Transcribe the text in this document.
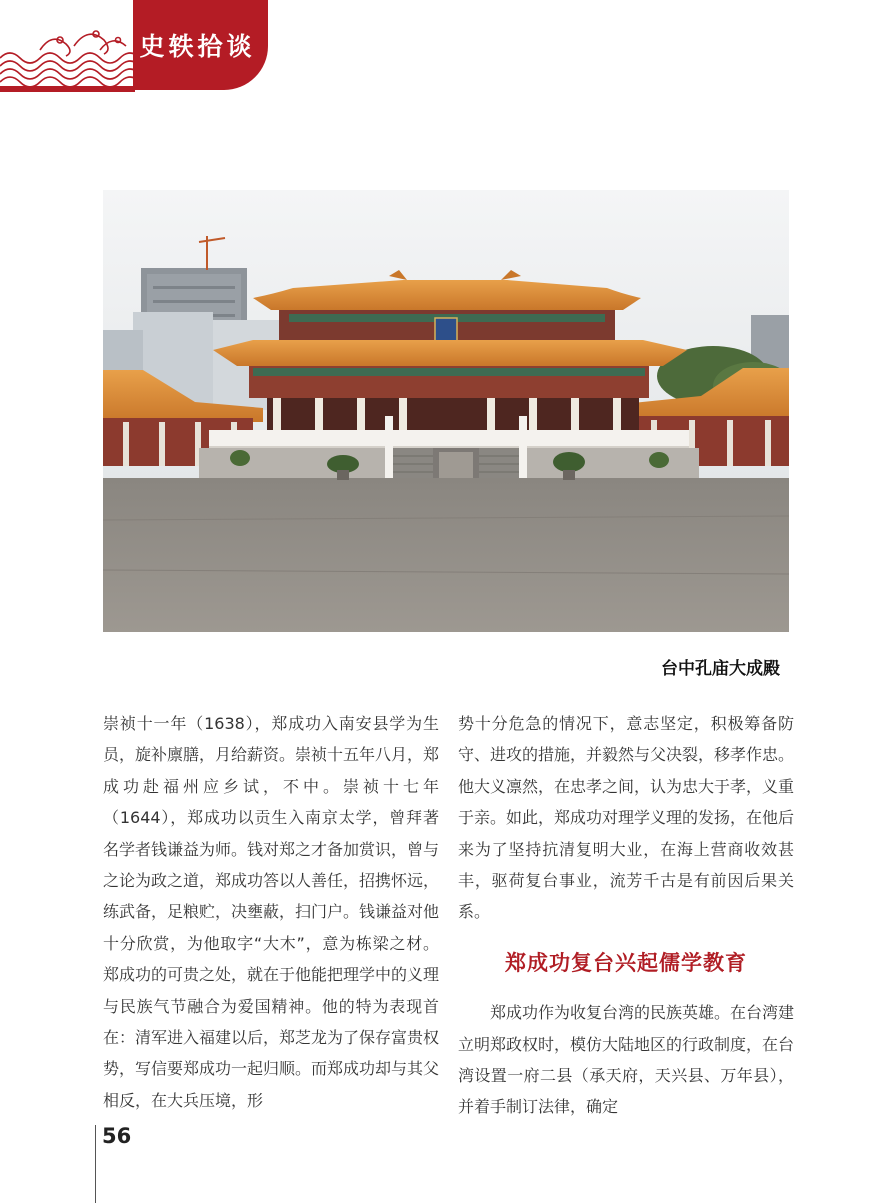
史轶拾谈
台中孔庙大成殿

崇祯十一年（1638），郑成功入南安县学为生员，旋补廪膳，月给薪资。崇祯十五年八月，郑成功赴福州应乡试，不中。崇祯十七年（1644），郑成功以贡生入南京太学，曾拜著名学者钱谦益为师。钱对郑之才备加赏识，曾与之论为政之道，郑成功答以人善任，招携怀远，练武备，足粮贮，决壅蔽，扫门户。钱谦益对他十分欣赏，为他取字“大木”，意为栋梁之材。郑成功的可贵之处，就在于他能把理学中的义理与民族气节融合为爱国精神。他的特为表现首在：清军进入福建以后，郑芝龙为了保存富贵权势，写信要郑成功一起归顺。而郑成功却与其父相反，在大兵压境，形

势十分危急的情况下，意志坚定，积极筹备防守、进攻的措施，并毅然与父决裂，移孝作忠。他大义凛然，在忠孝之间，认为忠大于孝，义重于亲。如此，郑成功对理学义理的发扬，在他后来为了坚持抗清复明大业，在海上营商收效甚丰，驱荷复台事业，流芳千古是有前因后果关系。

郑成功复台兴起儒学教育

郑成功作为收复台湾的民族英雄。在台湾建立明郑政权时，模仿大陆地区的行政制度，在台湾设置一府二县（承天府，天兴县、万年县），并着手制订法律，确定

56
